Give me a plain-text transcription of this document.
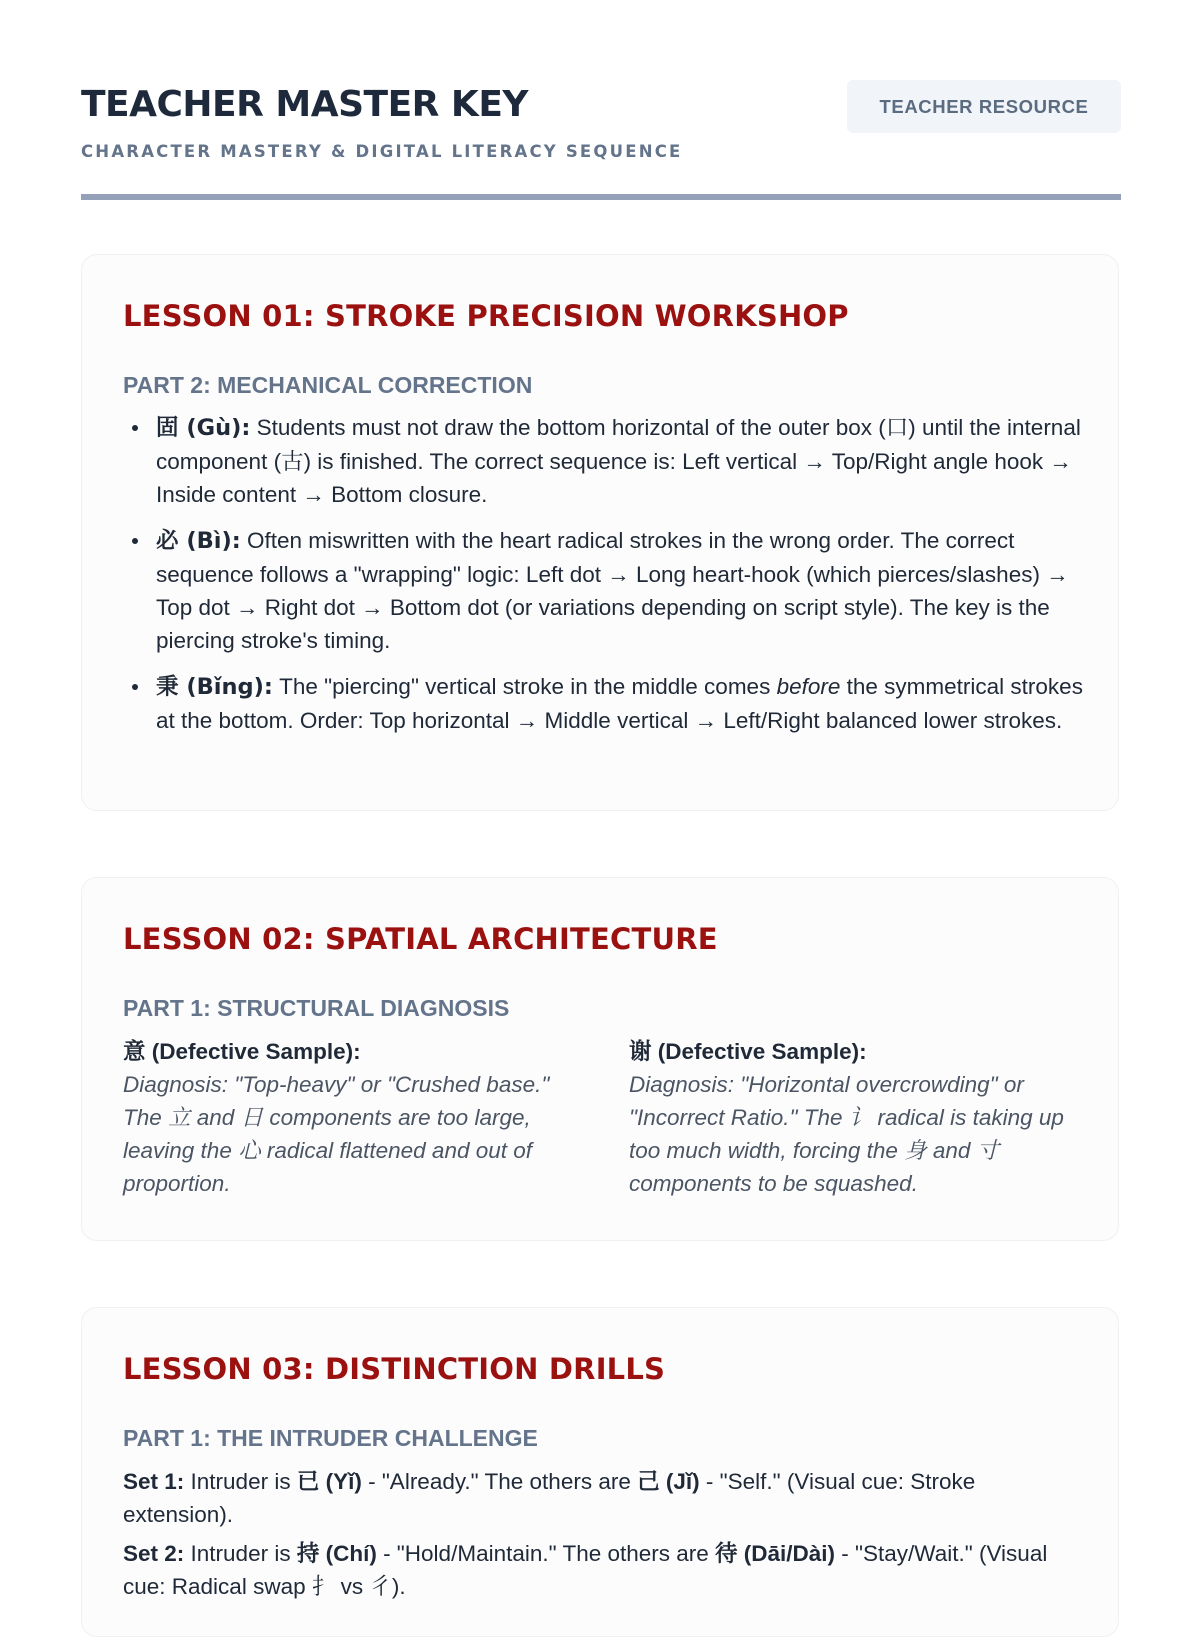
TEACHER MASTER KEY
CHARACTER MASTERY & DIGITAL LITERACY SEQUENCE
TEACHER RESOURCE
LESSON 01: STROKE PRECISION WORKSHOP
PART 2: MECHANICAL CORRECTION
固 (Gù): Students must not draw the bottom horizontal of the outer box (口) until the internal component (古) is finished. The correct sequence is: Left vertical → Top/Right angle hook → Inside content → Bottom closure.
必 (Bì): Often miswritten with the heart radical strokes in the wrong order. The correct sequence follows a "wrapping" logic: Left dot → Long heart-hook (which pierces/slashes) → Top dot → Right dot → Bottom dot (or variations depending on script style). The key is the piercing stroke's timing.
秉 (Bǐng): The "piercing" vertical stroke in the middle comes before the symmetrical strokes at the bottom. Order: Top horizontal → Middle vertical → Left/Right balanced lower strokes.
LESSON 02: SPATIAL ARCHITECTURE
PART 1: STRUCTURAL DIAGNOSIS

意 (Defective Sample):

Diagnosis: "Top-heavy" or "Crushed base." The 立 and 日 components are too large, leaving the 心 radical flattened and out of proportion.

谢 (Defective Sample):

Diagnosis: "Horizontal overcrowding" or "Incorrect Ratio." The 讠 radical is taking up too much width, forcing the 身 and 寸 components to be squashed.

LESSON 03: DISTINCTION DRILLS
PART 1: THE INTRUDER CHALLENGE

Set 1: Intruder is 已 (Yǐ) - "Already." The others are 己 (Jǐ) - "Self." (Visual cue: Stroke extension).

Set 2: Intruder is 持 (Chí) - "Hold/Maintain." The others are 待 (Dāi/Dài) - "Stay/Wait." (Visual cue: Radical swap 扌 vs 彳).
